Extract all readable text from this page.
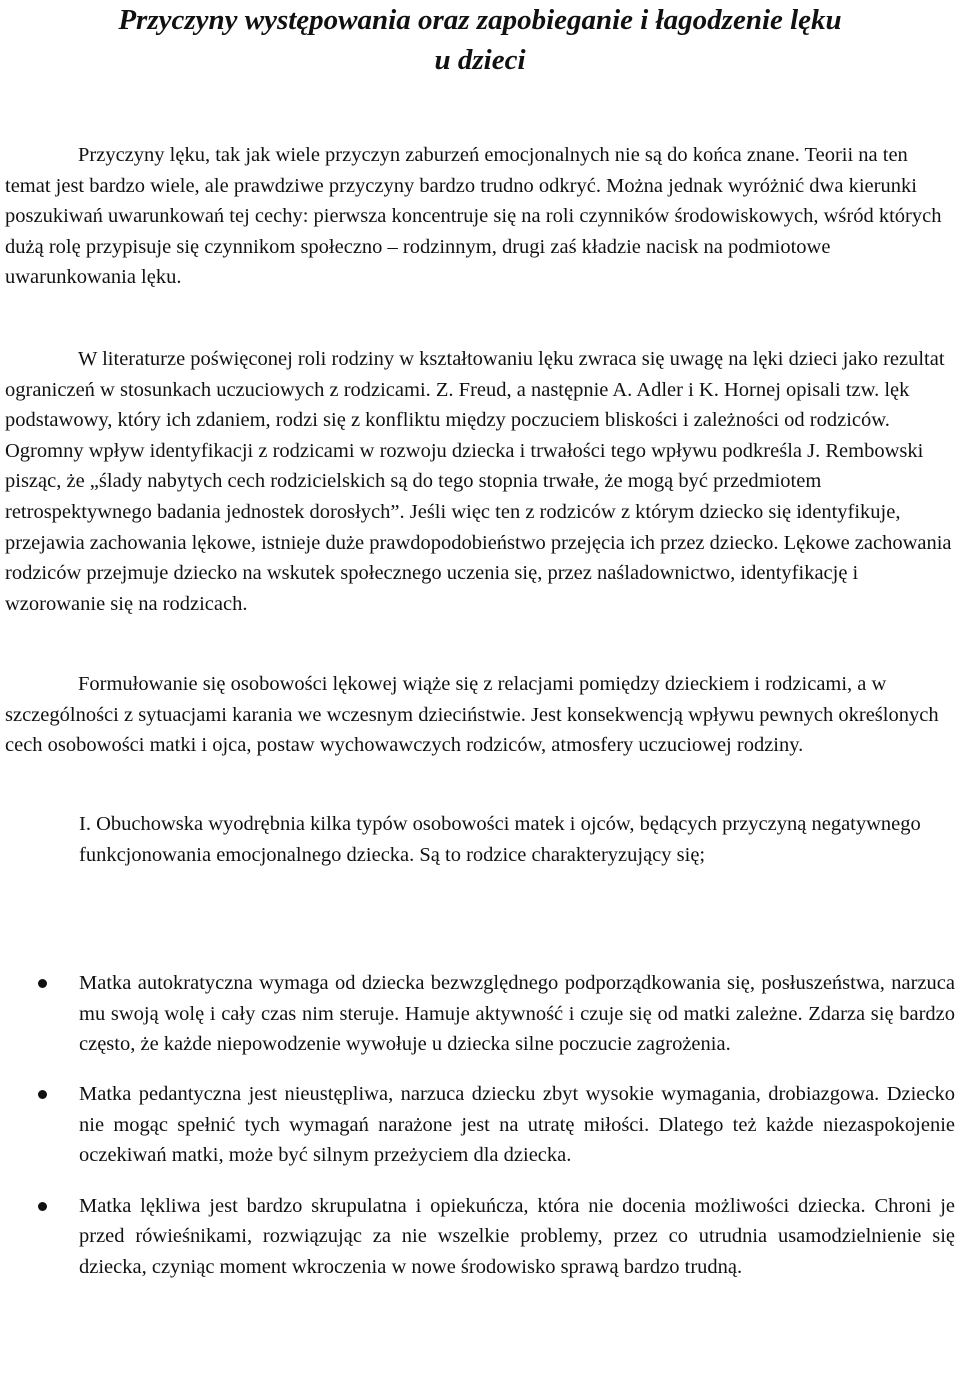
Przyczyny występowania oraz zapobieganie i łagodzenie lęku
u dzieci

Przyczyny lęku, tak jak wiele przyczyn zaburzeń emocjonalnych nie są do końca znane. Teorii na ten temat jest bardzo wiele, ale prawdziwe przyczyny bardzo trudno odkryć. Można jednak wyróżnić dwa kierunki poszukiwań uwarunkowań tej cechy: pierwsza koncentruje się na roli czynników środowiskowych, wśród których dużą rolę przypisuje się czynnikom społeczno – rodzinnym, drugi zaś kładzie nacisk na podmiotowe uwarunkowania lęku.

W literaturze poświęconej roli rodziny w kształtowaniu lęku zwraca się uwagę na lęki dzieci jako rezultat ograniczeń w stosunkach uczuciowych z rodzicami. Z. Freud, a następnie A. Adler i K. Hornej opisali tzw. lęk podstawowy, który ich zdaniem, rodzi się z konfliktu między poczuciem bliskości i zależności od rodziców. Ogromny wpływ identyfikacji z rodzicami w rozwoju dziecka i trwałości tego wpływu podkreśla J. Rembowski pisząc, że „ślady nabytych cech rodzicielskich są do tego stopnia trwałe, że mogą być przedmiotem retrospektywnego badania jednostek dorosłych”. Jeśli więc ten z rodziców z którym dziecko się identyfikuje, przejawia zachowania lękowe, istnieje duże prawdopodobieństwo przejęcia ich przez dziecko. Lękowe zachowania rodziców przejmuje dziecko na wskutek społecznego uczenia się, przez naśladownictwo, identyfikację i wzorowanie się na rodzicach.

Formułowanie się osobowości lękowej wiąże się z relacjami pomiędzy dzieckiem i rodzicami, a w szczególności z sytuacjami karania we wczesnym dzieciństwie. Jest konsekwencją wpływu pewnych określonych cech osobowości matki i ojca, postaw wychowawczych rodziców, atmosfery uczuciowej rodziny.

I. Obuchowska wyodrębnia kilka typów osobowości matek i ojców, będących przyczyną negatywnego funkcjonowania emocjonalnego dziecka. Są to rodzice charakteryzujący się;

Matka autokratyczna wymaga od dziecka bezwzględnego podporządkowania się, posłuszeństwa, narzuca mu swoją wolę i cały czas nim steruje. Hamuje aktywność i czuje się od matki zależne. Zdarza się bardzo często, że każde niepowodzenie wywołuje u dziecka silne poczucie zagrożenia.
Matka pedantyczna jest nieustępliwa, narzuca dziecku zbyt wysokie wymagania, drobiazgowa. Dziecko nie mogąc spełnić tych wymagań narażone jest na utratę miłości. Dlatego też każde niezaspokojenie oczekiwań matki, może być silnym przeżyciem dla dziecka.
Matka lękliwa jest bardzo skrupulatna i opiekuńcza, która nie docenia możliwości dziecka. Chroni je przed rówieśnikami, rozwiązując za nie wszelkie problemy, przez co utrudnia usamodzielnienie się dziecka, czyniąc moment wkroczenia w nowe środowisko sprawą bardzo trudną.
